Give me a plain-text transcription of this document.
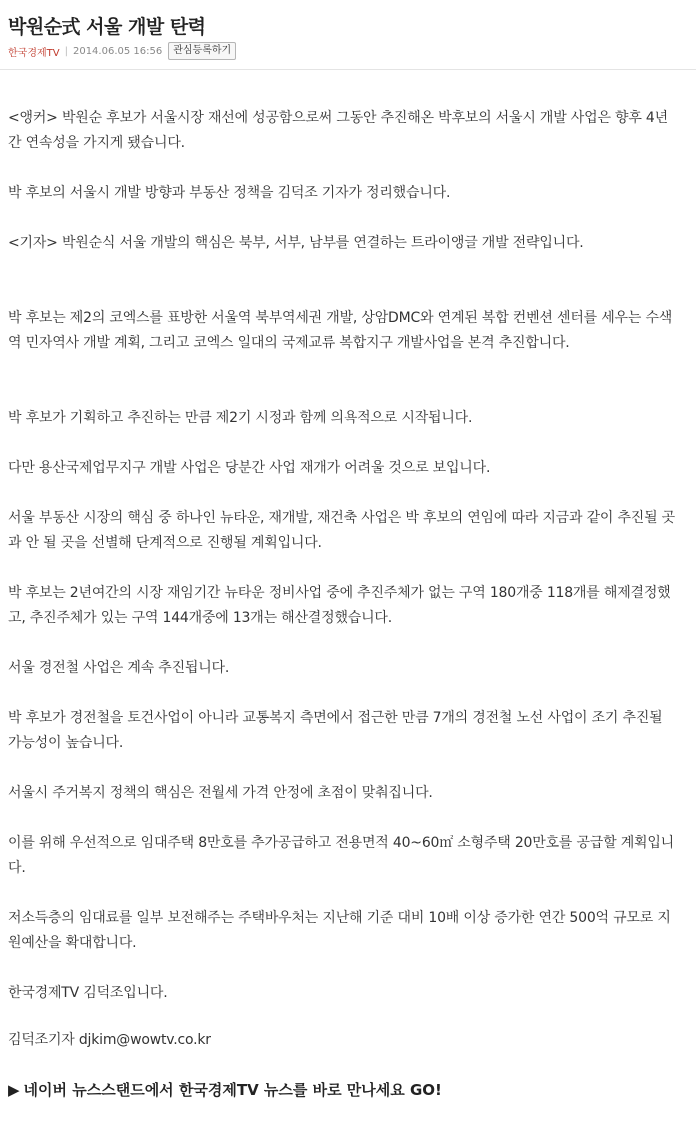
박원순式 서울 개발 탄력
한국경제TV | 2014.06.05 16:56	관심등록하기

<앵커> 박원순 후보가 서울시장 재선에 성공함으로써 그동안 추진해온 박후보의 서울시 개발 사업은 향후 4년간 연속성을 가지게 됐습니다.

박 후보의 서울시 개발 방향과 부동산 정책을 김덕조 기자가 정리했습니다.

<기자> 박원순식 서울 개발의 핵심은 북부, 서부, 남부를 연결하는 트라이앵글 개발 전략입니다.

박 후보는 제2의 코엑스를 표방한 서울역 북부역세권 개발, 상암DMC와 연계된 복합 컨벤션 센터를 세우는 수색역 민자역사 개발 계획, 그리고 코엑스 일대의 국제교류 복합지구 개발사업을 본격 추진합니다.

박 후보가 기획하고 추진하는 만큼 제2기 시정과 함께 의욕적으로 시작됩니다.

다만 용산국제업무지구 개발 사업은 당분간 사업 재개가 어려울 것으로 보입니다.

서울 부동산 시장의 핵심 중 하나인 뉴타운, 재개발, 재건축 사업은 박 후보의 연임에 따라 지금과 같이 추진될 곳과 안 될 곳을 선별해 단계적으로 진행될 계획입니다.

박 후보는 2년여간의 시장 재임기간 뉴타운 정비사업 중에 추진주체가 없는 구역 180개중 118개를 해제결정했고, 추진주체가 있는 구역 144개중에 13개는 해산결정했습니다.

서울 경전철 사업은 계속 추진됩니다.

박 후보가 경전철을 토건사업이 아니라 교통복지 측면에서 접근한 만큼 7개의 경전철 노선 사업이 조기 추진될 가능성이 높습니다.

서울시 주거복지 정책의 핵심은 전월세 가격 안정에 초점이 맞춰집니다.

이를 위해 우선적으로 임대주택 8만호를 추가공급하고 전용면적 40~60㎡ 소형주택 20만호를 공급할 계획입니다.

저소득층의 임대료를 일부 보전해주는 주택바우처는 지난해 기준 대비 10배 이상 증가한 연간 500억 규모로 지원예산을 확대합니다.

한국경제TV 김덕조입니다.

김덕조기자 djkim@wowtv.co.kr

▶ 네이버 뉴스스탠드에서 한국경제TV 뉴스를 바로 만나세요 GO!
